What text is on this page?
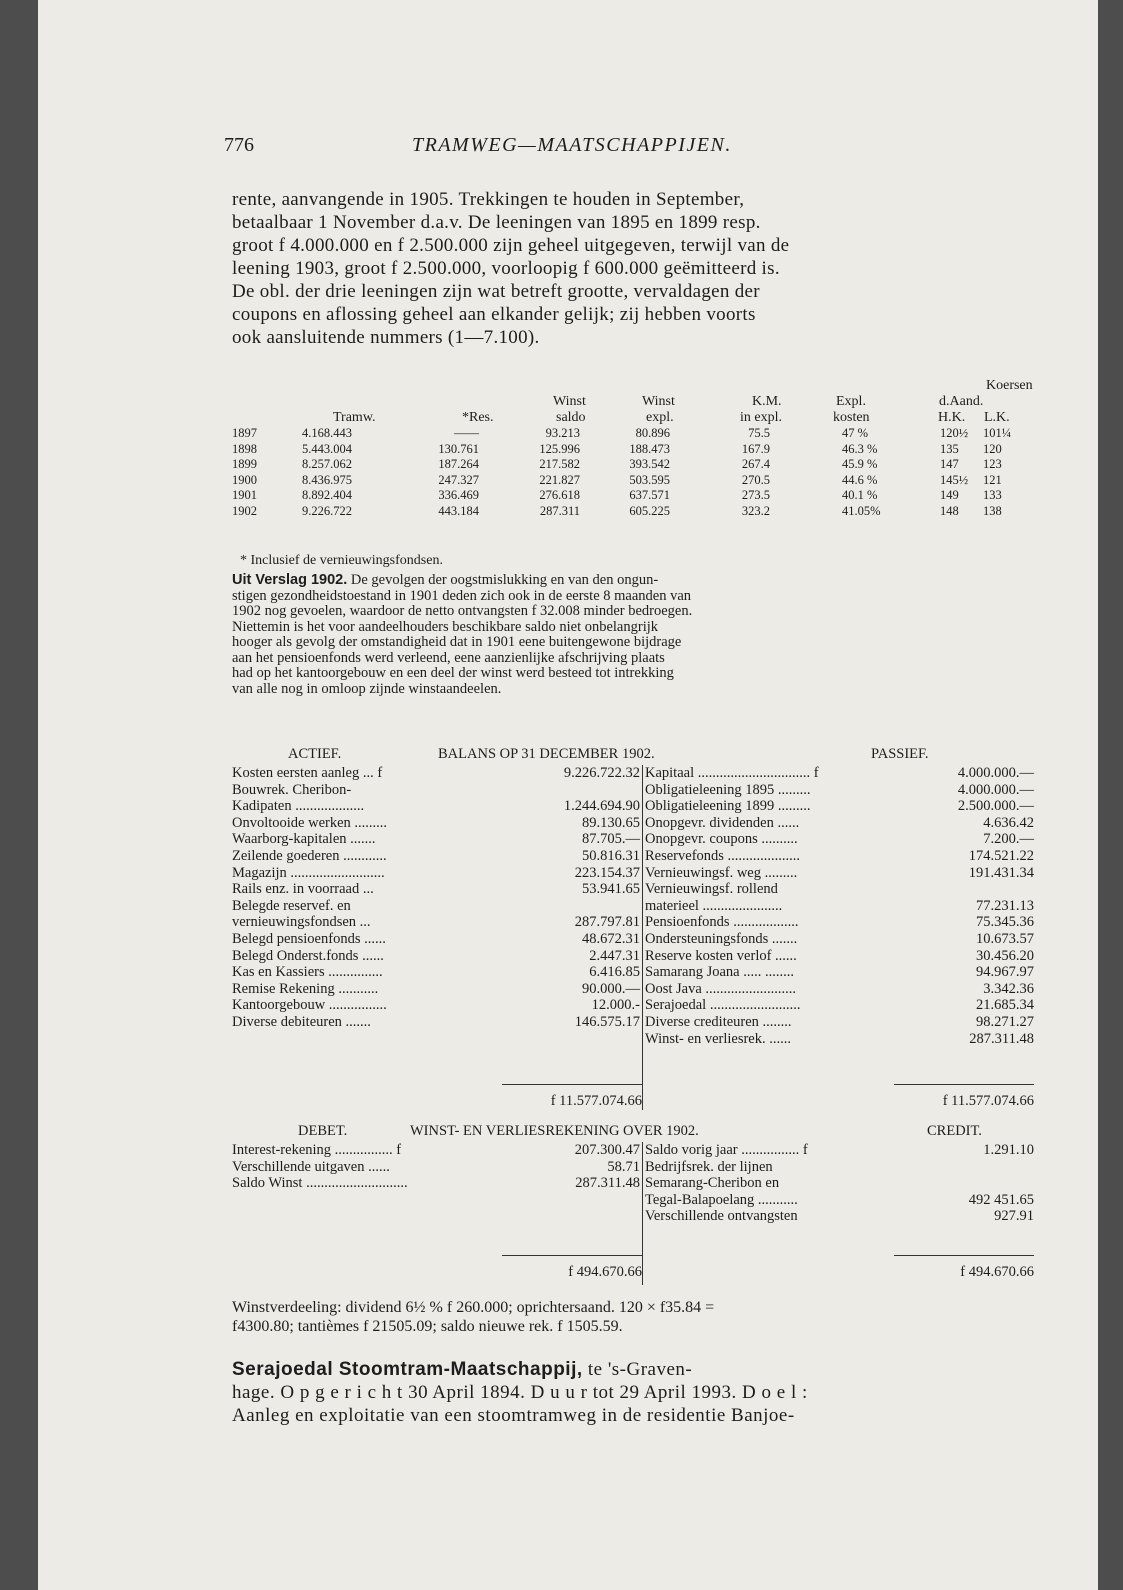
776	TRAMWEG—MAATSCHAPPIJEN.
rente, aanvangende in 1905. Trekkingen te houden in September,
betaalbaar 1 November d.a.v. De leeningen van 1895 en 1899 resp.
groot f 4.000.000 en f 2.500.000 zijn geheel uitgegeven, terwijl van de
leening 1903, groot f 2.500.000, voorloopig f 600.000 geëmitteerd is.
De obl. der drie leeningen zijn wat betreft grootte, vervaldagen der
coupons en aflossing geheel aan elkander gelijk; zij hebben voorts
ook aansluitende nummers (1—7.100).
Koersen
Winst	Winst	K.M.	Expl.	d.Aand.
Tramw.	*Res.	saldo	expl.	in expl.	kosten	H.K. L.K.
1897	4.168.443	——	93.213	80.896	75.5	47 %	120½ 101¼
1898	5.443.004	130.761	125.996	188.473	167.9	46.3 %	135 120
1899	8.257.062	187.264	217.582	393.542	267.4	45.9 %	147 123
1900	8.436.975	247.327	221.827	503.595	270.5	44.6 %	145½ 121
1901	8.892.404	336.469	276.618	637.571	273.5	40.1 %	149 133
1902	9.226.722	443.184	287.311	605.225	323.2	41.05%	148 138
* Inclusief de vernieuwingsfondsen.
Uit Verslag 1902. De gevolgen der oogstmislukking en van den ongun-
stigen gezondheidstoestand in 1901 deden zich ook in de eerste 8 maanden van
1902 nog gevoelen, waardoor de netto ontvangsten f 32.008 minder bedroegen.
Niettemin is het voor aandeelhouders beschikbare saldo niet onbelangrijk
hooger als gevolg der omstandigheid dat in 1901 eene buitengewone bijdrage
aan het pensioenfonds werd verleend, eene aanzienlijke afschrijving plaats
had op het kantoorgebouw en een deel der winst werd besteed tot intrekking
van alle nog in omloop zijnde winstaandeelen.
ACTIEF.	BALANS OP 31 DECEMBER 1902.	PASSIEF.
Kosten eersten aanleg ... f	9.226.722.32 Kapitaal ............................... f	4.000.000.—
Bouwrek. Cheribon-	Obligatieleening 1895 .........	4.000.000.—
Kadipaten ...................	1.244.694.90 Obligatieleening 1899 .........	2.500.000.—
Onvoltooide werken .........	89.130.65 Onopgevr. dividenden ......	4.636.42
Waarborg-kapitalen .......	87.705.— Onopgevr. coupons ..........	7.200.—
Zeilende goederen ............	50.816.31 Reservefonds ....................	174.521.22
Magazijn ..........................	223.154.37 Vernieuwingsf. weg .........	191.431.34
Rails enz. in voorraad ...	53.941.65 Vernieuwingsf. rollend
Belegde reservef. en	materieel ......................	77.231.13
vernieuwingsfondsen ...	287.797.81 Pensioenfonds ..................	75.345.36
Belegd pensioenfonds ......	48.672.31 Ondersteuningsfonds .......	10.673.57
Belegd Onderst.fonds ......	2.447.31 Reserve kosten verlof ......	30.456.20
Kas en Kassiers ...............	6.416.85 Samarang Joana ..... ........	94.967.97
Remise Rekening ...........	90.000.— Oost Java .........................	3.342.36
Kantoorgebouw ................	12.000.- Serajoedal .........................	21.685.34
Diverse debiteuren .......	146.575.17 Diverse crediteuren ........	98.271.27
Winst- en verliesrek. ......	287.311.48
f 11.577.074.66	f 11.577.074.66
DEBET.	WINST- EN VERLIESREKENING OVER 1902.	CREDIT.
Interest-rekening ................ f	207.300.47 Saldo vorig jaar ................ f	1.291.10
Verschillende uitgaven ......	58.71 Bedrijfsrek. der lijnen
Saldo Winst ............................	287.311.48 Semarang-Cheribon en
Tegal-Balapoelang ...........	492 451.65
Verschillende ontvangsten	927.91
f 494.670.66	f 494.670.66
Winstverdeeling: dividend 6½ % f 260.000; oprichtersaand. 120 × f35.84 =
f4300.80; tantièmes f 21505.09; saldo nieuwe rek. f 1505.59.
Serajoedal Stoomtram-Maatschappij, te 's-Graven-
hage. O p g e r i c h t 30 April 1894. D u u r tot 29 April 1993. D o e l :
Aanleg en exploitatie van een stoomtramweg in de residentie Banjoe-
